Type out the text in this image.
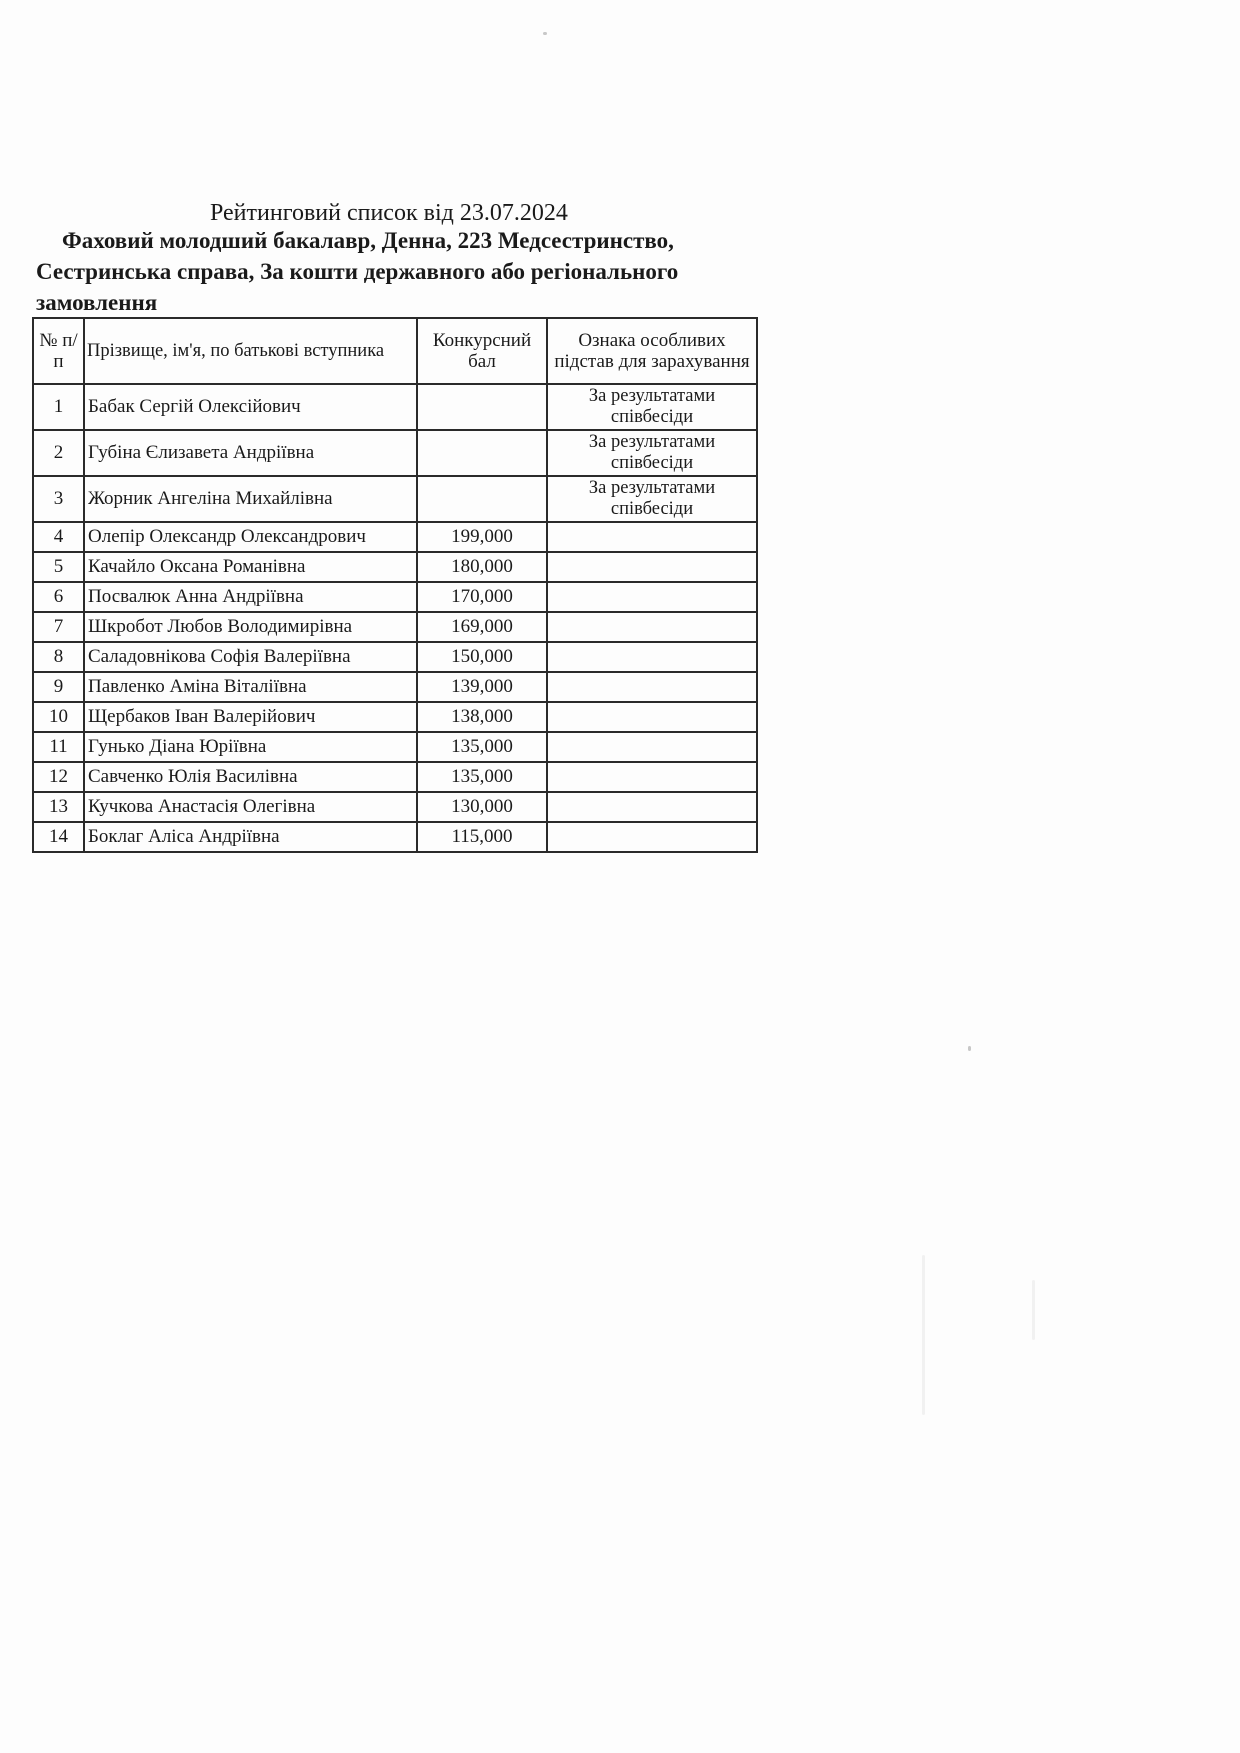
Рейтинговий список від 23.07.2024
Фаховий молодший бакалавр, Денна, 223 Медсестринство,
Сестринська справа, За кошти державного або регіонального
замовлення
№ п/п	Прізвище, ім'я, по батькові вступника	Конкурсний бал	Ознака особливих підстав для зарахування
1	Бабак Сергій Олексійович		За результатами співбесіди
2	Губіна Єлизавета Андріївна		За результатами співбесіди
3	Жорник Ангеліна Михайлівна		За результатами співбесіди
4	Олепір Олександр Олександрович	199,000	
5	Качайло Оксана Романівна	180,000	
6	Посвалюк Анна Андріївна	170,000	
7	Шкробот Любов Володимирівна	169,000	
8	Саладовнікова Софія Валеріївна	150,000	
9	Павленко Аміна Віталіївна	139,000	
10	Щербаков Іван Валерійович	138,000	
11	Гунько Діана Юріївна	135,000	
12	Савченко Юлія Василівна	135,000	
13	Кучкова Анастасія Олегівна	130,000	
14	Боклаг Аліса Андріївна	115,000	
